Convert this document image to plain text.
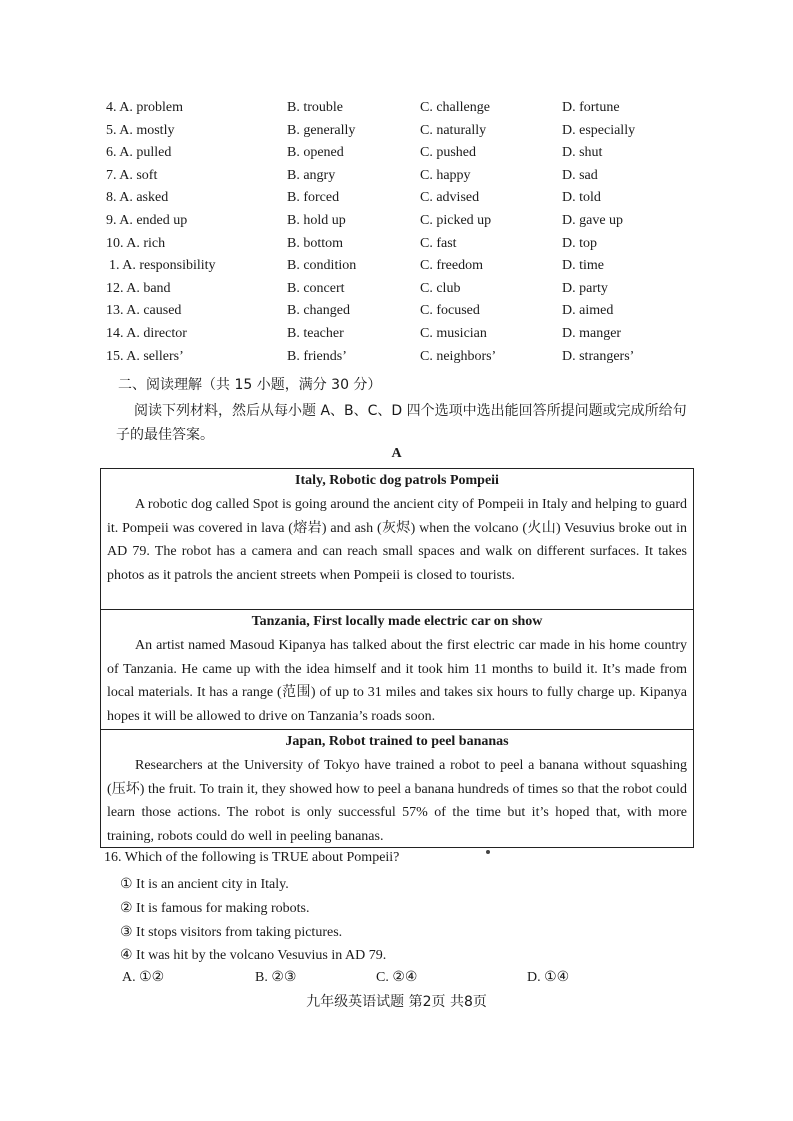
4. A. problem	B. trouble	C. challenge	D. fortune
5. A. mostly	B. generally	C. naturally	D. especially
6. A. pulled	B. opened	C. pushed	D. shut
7. A. soft	B. angry	C. happy	D. sad
8. A. asked	B. forced	C. advised	D. told
9. A. ended up	B. hold up	C. picked up	D. gave up
10. A. rich	B. bottom	C. fast	D. top
1. A. responsibility	B. condition	C. freedom	D. time
12. A. band	B. concert	C. club	D. party
13. A. caused	B. changed	C. focused	D. aimed
14. A. director	B. teacher	C. musician	D. manger
15. A. sellers’	B. friends’	C. neighbors’	D. strangers’
二、阅读理解（共 15 小题，满分 30 分）
阅读下列材料，然后从每小题 A、B、C、D 四个选项中选出能回答所提问题或完成所给句子的最佳答案。
A
Italy, Robotic dog patrols Pompeii

A robotic dog called Spot is going around the ancient city of Pompeii in Italy and helping to guard it. Pompeii was covered in lava (熔岩) and ash (灰烬) when the volcano (火山) Vesuvius broke out in AD 79. The robot has a camera and can reach small spaces and walk on different surfaces. It takes photos as it patrols the ancient streets when Pompeii is closed to tourists.

Tanzania, First locally made electric car on show

An artist named Masoud Kipanya has talked about the first electric car made in his home country of Tanzania. He came up with the idea himself and it took him 11 months to build it. It’s made from local materials. It has a range (范围) of up to 31 miles and takes six hours to fully charge up. Kipanya hopes it will be allowed to drive on Tanzania’s roads soon.

Japan, Robot trained to peel bananas

Researchers at the University of Tokyo have trained a robot to peel a banana without squashing (压坏) the fruit. To train it, they showed how to peel a banana hundreds of times so that the robot could learn those actions. The robot is only successful 57% of the time but it’s hoped that, with more training, robots could do well in peeling bananas.

16. Which of the following is TRUE about Pompeii?
① It is an ancient city in Italy.
② It is famous for making robots.
③ It stops visitors from taking pictures.
④ It was hit by the volcano Vesuvius in AD 79.
A. ①②	B. ②③	C. ②④	D. ①④
九年级英语试题 第2页 共8页
